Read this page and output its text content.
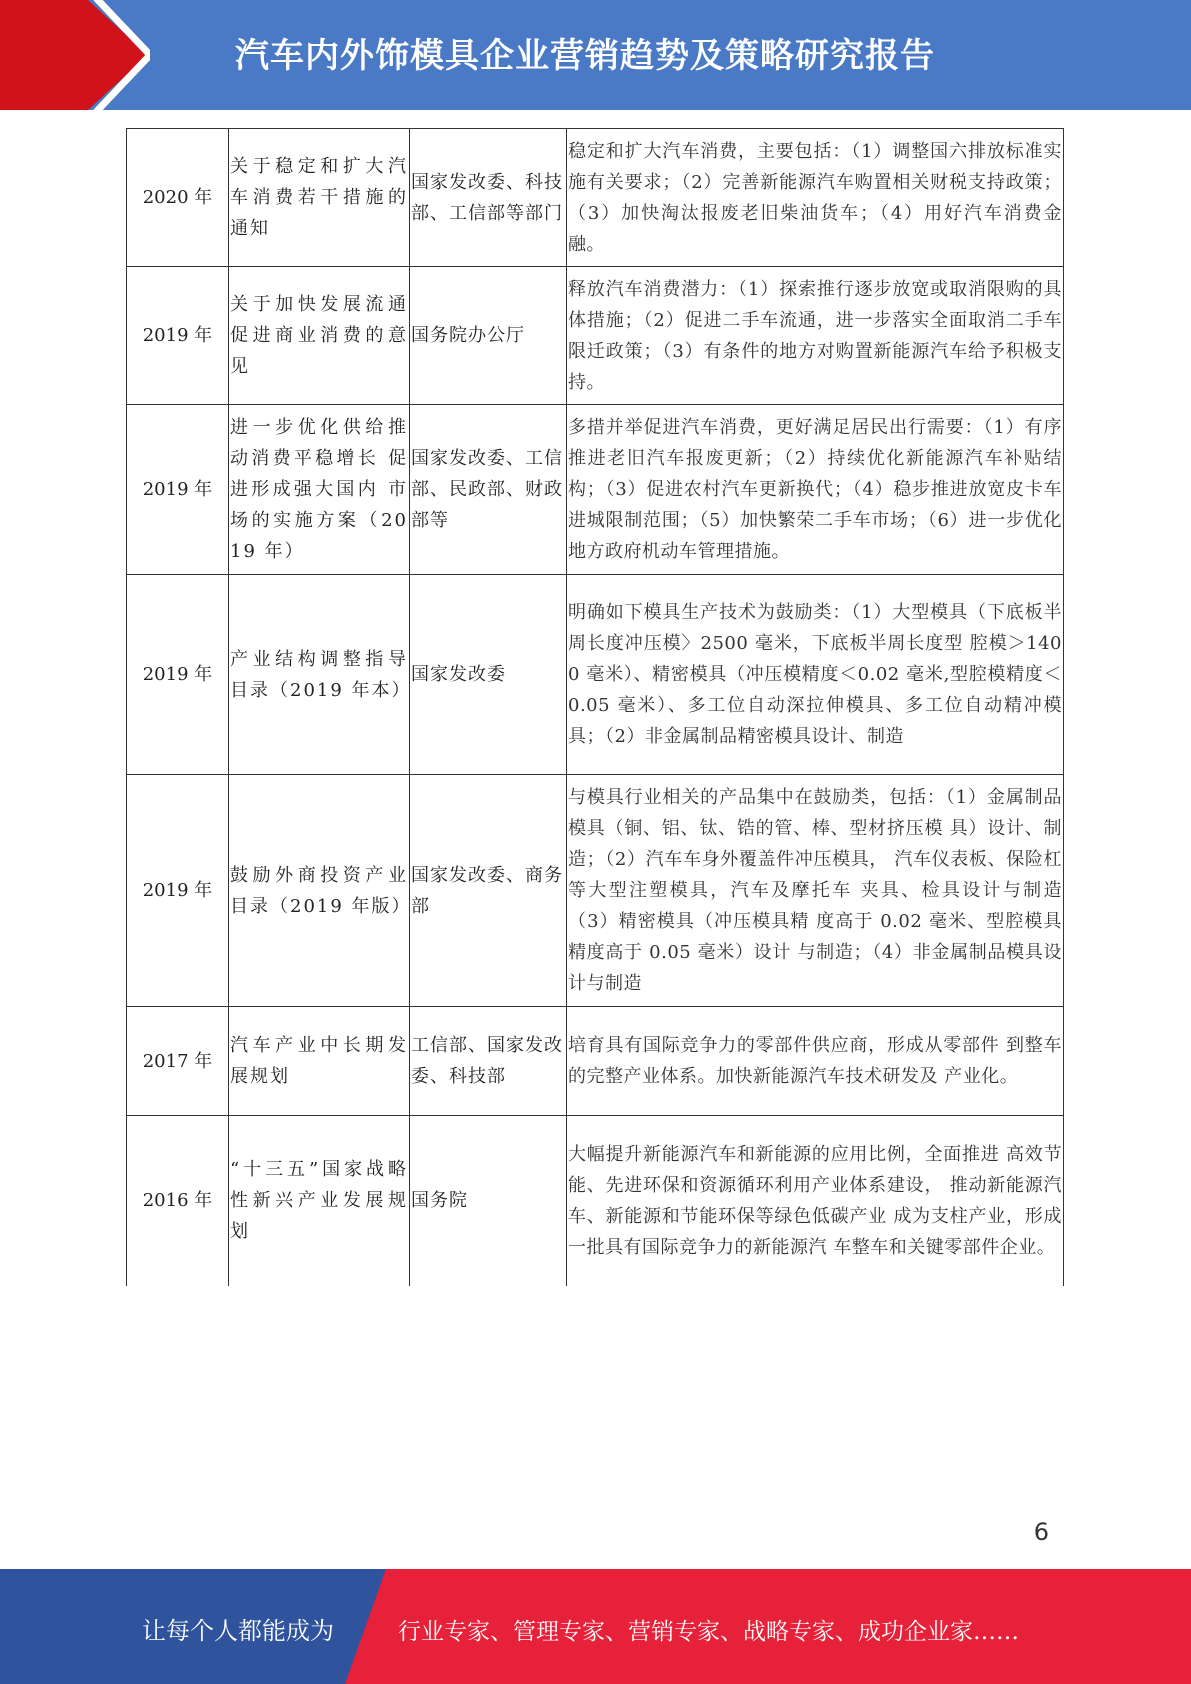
汽车内外饰模具企业营销趋势及策略研究报告
2020 年	关于稳定和扩大汽车消费若干措施的通知	国家发改委、科技部、工信部等部门	稳定和扩大汽车消费，主要包括：（1）调整国六排放标准实施有关要求；（2）完善新能源汽车购置相关财税支持政策；（3）加快淘汰报废老旧柴油货车；（4）用好汽车消费金融。
2019 年	关于加快发展流通促进商业消费的意见	国务院办公厅	释放汽车消费潜力：（1）探索推行逐步放宽或取消限购的具体措施；（2）促进二手车流通，进一步落实全面取消二手车限迁政策；（3）有条件的地方对购置新能源汽车给予积极支持。
2019 年	进一步优化供给推动消费平稳增长 促进形成强大国内 市场的实施方案（2019 年）	国家发改委、工信部、民政部、财政部等	多措并举促进汽车消费，更好满足居民出行需要：（1）有序推进老旧汽车报废更新；（2）持续优化新能源汽车补贴结构；（3）促进农村汽车更新换代；（4）稳步推进放宽皮卡车进城限制范围；（5）加快繁荣二手车市场；（6）进一步优化地方政府机动车管理措施。
2019 年	产业结构调整指导目录（2019 年本）	国家发改委	明确如下模具生产技术为鼓励类：（1）大型模具（下底板半周长度冲压模〉2500 毫米，下底板半周长度型 腔模＞1400 毫米）、精密模具（冲压模精度＜0.02 毫米,型腔模精度＜0.05 毫米）、多工位自动深拉伸模具、多工位自动精冲模具；（2）非金属制品精密模具设计、制造
2019 年	鼓励外商投资产业目录（2019 年版）	国家发改委、商务部	与模具行业相关的产品集中在鼓励类，包括：（1）金属制品模具（铜、铝、钛、锆的管、棒、型材挤压模 具）设计、制造；（2）汽车车身外覆盖件冲压模具， 汽车仪表板、保险杠等大型注塑模具，汽车及摩托车 夹具、检具设计与制造 （3）精密模具（冲压模具精 度高于 0.02 毫米、型腔模具精度高于 0.05 毫米）设计 与制造；（4）非金属制品模具设计与制造
2017 年	汽车产业中长期发展规划	工信部、国家发改委、科技部	培育具有国际竞争力的零部件供应商，形成从零部件 到整车的完整产业体系。加快新能源汽车技术研发及 产业化。
2016 年	“十三五”国家战略性新兴产业发展规划	国务院	大幅提升新能源汽车和新能源的应用比例，全面推进 高效节能、先进环保和资源循环利用产业体系建设， 推动新能源汽车、新能源和节能环保等绿色低碳产业 成为支柱产业，形成一批具有国际竞争力的新能源汽 车整车和关键零部件企业。
6
让每个人都能成为	行业专家、管理专家、营销专家、战略专家、成功企业家……
